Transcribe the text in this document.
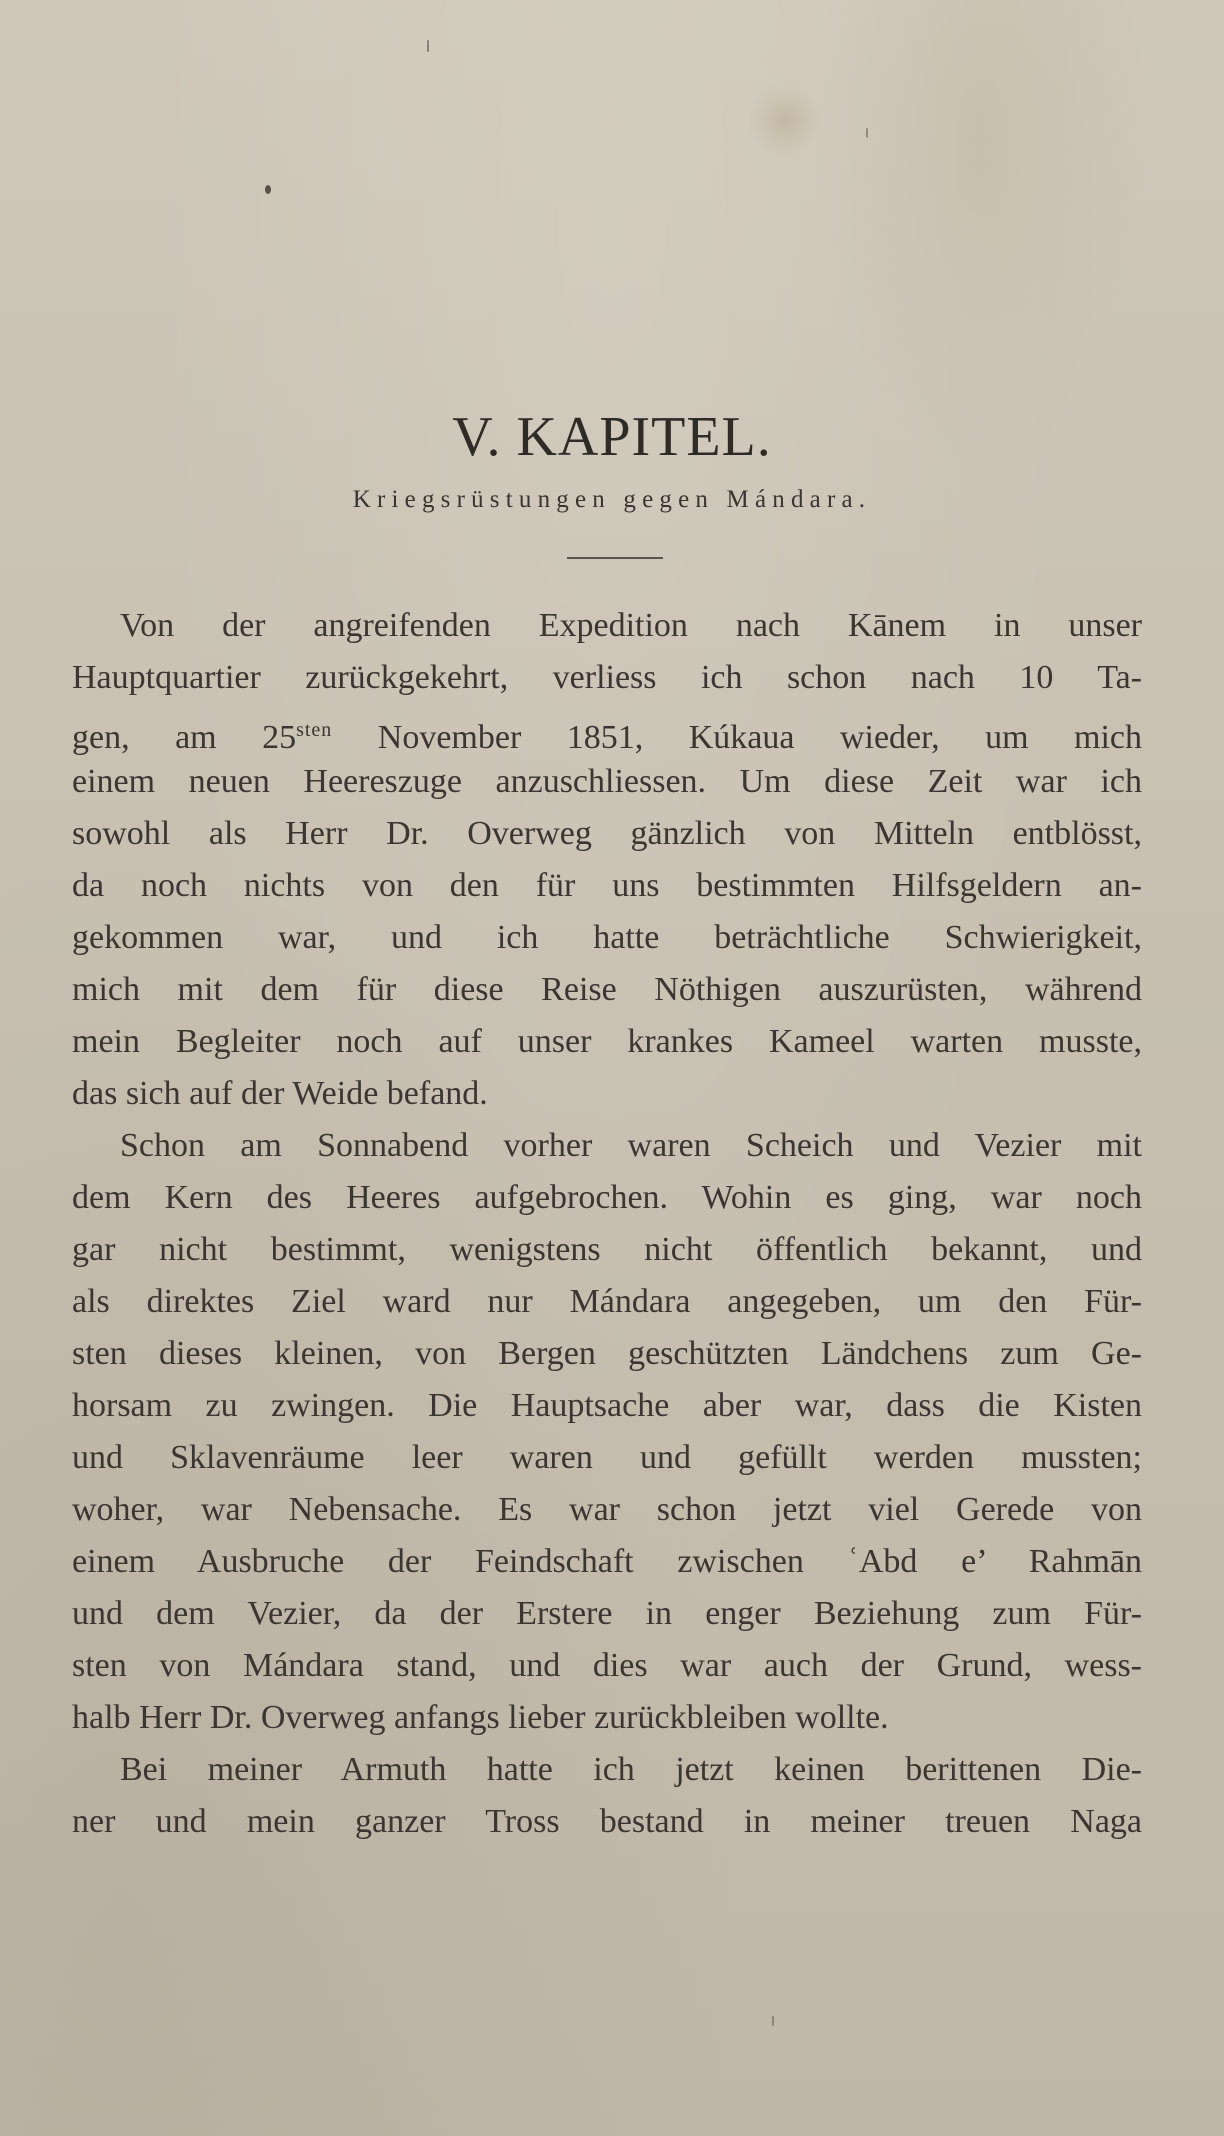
V. KAPITEL.
Kriegsrüstungen gegen Mándara.
Von der angreifenden Expedition nach Kānem in unser
Hauptquartier zurückgekehrt, verliess ich schon nach 10 Ta-
gen, am $25^{sten}$ November 1851, Kúkaua wieder, um mich
einem neuen Heereszuge anzuschliessen. Um diese Zeit war ich
sowohl als Herr Dr. Overweg gänzlich von Mitteln entblösst,
da noch nichts von den für uns bestimmten Hilfsgeldern an-
gekommen war, und ich hatte beträchtliche Schwierigkeit,
mich mit dem für diese Reise Nöthigen auszurüsten, während
mein Begleiter noch auf unser krankes Kameel warten musste,
das sich auf der Weide befand.
Schon am Sonnabend vorher waren Scheich und Vezier mit
dem Kern des Heeres aufgebrochen. Wohin es ging, war noch
gar nicht bestimmt, wenigstens nicht öffentlich bekannt, und
als direktes Ziel ward nur Mándara angegeben, um den Für-
sten dieses kleinen, von Bergen geschützten Ländchens zum Ge-
horsam zu zwingen. Die Hauptsache aber war, dass die Kisten
und Sklavenräume leer waren und gefüllt werden mussten;
woher, war Nebensache. Es war schon jetzt viel Gerede von
einem Ausbruche der Feindschaft zwischen ʿAbd e’ Rahmān
und dem Vezier, da der Erstere in enger Beziehung zum Für-
sten von Mándara stand, und dies war auch der Grund, wess-
halb Herr Dr. Overweg anfangs lieber zurückbleiben wollte.
Bei meiner Armuth hatte ich jetzt keinen berittenen Die-
ner und mein ganzer Tross bestand in meiner treuen Naga
